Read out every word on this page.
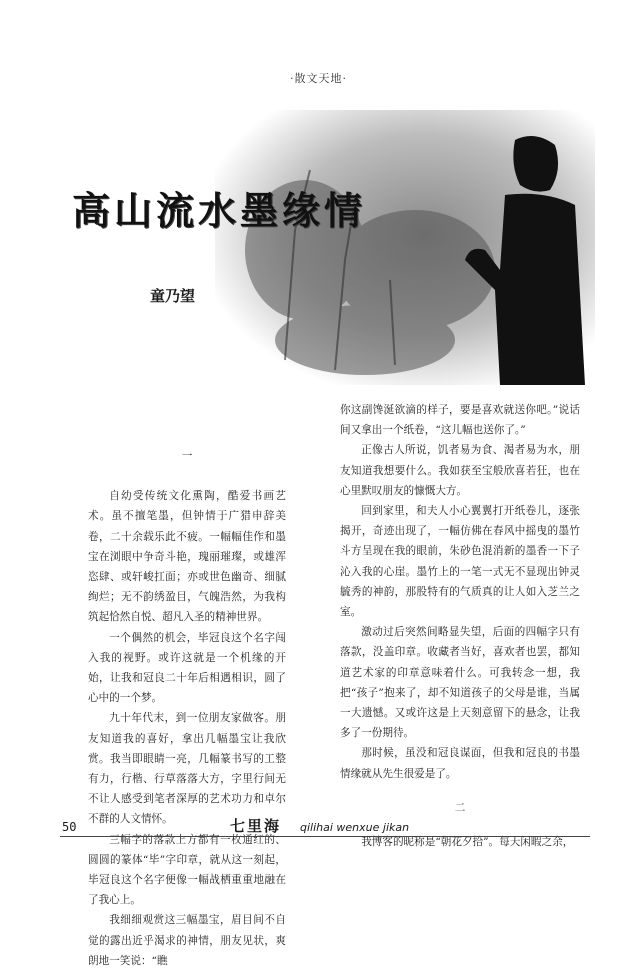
·散文天地·
高山流水墨缘情
童乃望

一

自幼受传统文化熏陶，酷爱书画艺术。虽不擅笔墨，但钟情于广猎申辞美卷，二十余载乐此不疲。一幅幅佳作和墨宝在浏眼中争奇斗艳，瑰丽璀璨，或雄浑恣肆、或轩峻扛面；亦或世色幽奇、细腻绚烂；无不韵绣盈目，气魄浩然，为我构筑起恰然自悦、超凡入圣的精神世界。

一个偶然的机会，毕冠良这个名字闯入我的视野。或许这就是一个机缘的开始，让我和冠良二十年后相遇相识，圆了心中的一个梦。

九十年代末，到一位朋友家做客。朋友知道我的喜好，拿出几幅墨宝让我欣赏。我当即眼睛一亮，几幅篆书写的工整有力，行楷、行草落落大方，字里行间无不让人感受到笔者深厚的艺术功力和卓尔不群的人文情怀。

三幅字的落款上方都有一枚通红的、圆圆的篆体“毕”字印章，就从这一刻起，毕冠良这个名字便像一幅战栖重重地融在了我心上。

我细细观赏这三幅墨宝，眉目间不自觉的露出近乎渴求的神情，朋友见状，爽朗地一笑说：“瞧

你这副馋涎欲滴的样子，要是喜欢就送你吧。”说话间又拿出一个纸卷，“这儿幅也送你了。”

正像古人所说，饥者易为食、渴者易为水，朋友知道我想要什么。我如获至宝般欣喜若狂，也在心里默叹朋友的慷慨大方。

回到家里，和夫人小心翼翼打开纸卷儿，逐张揭开，奇迹出现了，一幅仿佛在春风中摇曳的墨竹斗方呈现在我的眼前，朱砂色混消新的墨香一下子沁入我的心崖。墨竹上的一笔一式无不显现出钟灵毓秀的神韵，那股特有的气质真的让人如入芝兰之室。

激动过后突然间略显失望，后面的四幅字只有落款，没盖印章。收藏者当好，喜欢者也罢，都知道艺术家的印章意味着什么。可我转念一想，我把“孩子”抱来了，却不知道孩子的父母是谁，当属一大遗憾。又或许这是上天刻意留下的悬念，让我多了一份期待。

那时候，虽没和冠良谋面，但我和冠良的书墨情缘就从先生很爱是了。

二

我博客的昵称是“朝花夕拾”。每天闲暇之余，

50	七里海 qilihai wenxue jikan
